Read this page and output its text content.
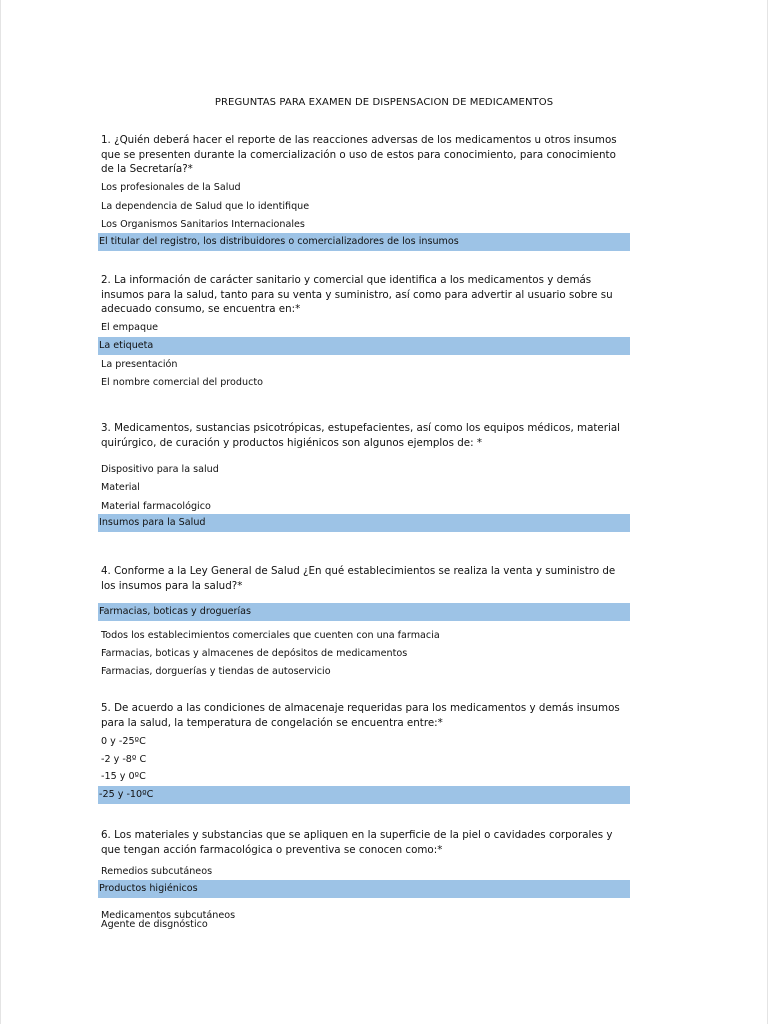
PREGUNTAS PARA EXAMEN DE DISPENSACION DE MEDICAMENTOS
1. ¿Quién deberá hacer el reporte de las reacciones adversas de los medicamentos u otros insumos que se presenten durante la comercialización o uso de estos para conocimiento, para conocimiento de la Secretaría?*
Los profesionales de la Salud
La dependencia de Salud que lo identifique
Los Organismos Sanitarios Internacionales
El titular del registro, los distribuidores o comercializadores de los insumos
2. La información de carácter sanitario y comercial que identifica a los medicamentos y demás insumos para la salud, tanto para su venta y suministro, así como para advertir al usuario sobre su adecuado consumo, se encuentra en:*
El empaque
La etiqueta
La presentación
El nombre comercial del producto
3. Medicamentos, sustancias psicotrópicas, estupefacientes, así como los equipos médicos, material quirúrgico, de curación y productos higiénicos son algunos ejemplos de: *
Dispositivo para la salud
Material
Material farmacológico
Insumos para la Salud
4. Conforme a la Ley General de Salud ¿En qué establecimientos se realiza la venta y suministro de los insumos para la salud?*
Farmacias, boticas y droguerías
Todos los establecimientos comerciales que cuenten con una farmacia
Farmacias, boticas y almacenes de depósitos de medicamentos
Farmacias, dorguerías y tiendas de autoservicio
5. De acuerdo a las condiciones de almacenaje requeridas para los medicamentos y demás insumos para la salud, la temperatura de congelación se encuentra entre:*
0 y -25ºC
-2 y -8º C
-15 y 0ºC
-25 y -10ºC
6. Los materiales y substancias que se apliquen en la superficie de la piel o cavidades corporales y que tengan acción farmacológica o preventiva se conocen como:*
Remedios subcutáneos
Productos higiénicos
Medicamentos subcutáneos
Agente de disgnóstico
